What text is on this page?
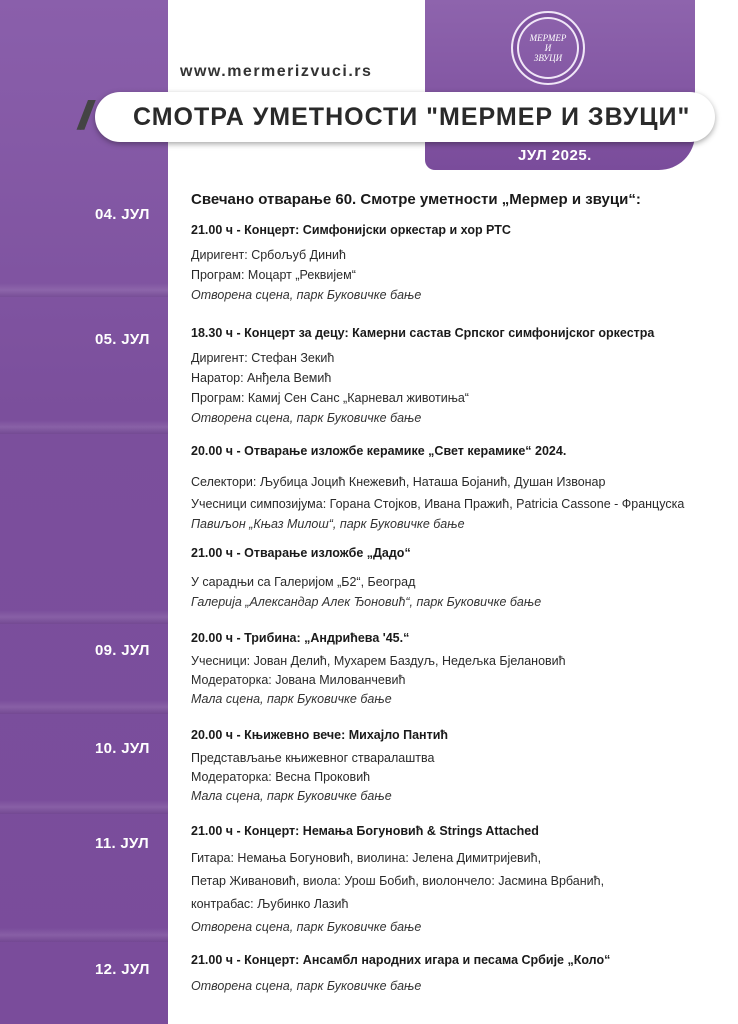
МЕРМЕР
И
ЗВУЦИ
ЈУЛ 2025.
www.mermerizvuci.rs
// СМОТРА УМЕТНОСТИ "МЕРМЕР И ЗВУЦИ"
04. ЈУЛ
05. ЈУЛ
09. ЈУЛ
10. ЈУЛ
11. ЈУЛ
12. ЈУЛ
Свечано отварање 60. Смотре уметности „Мермер и звуци“:
21.00 ч - Концерт: Симфонијски оркестар и хор РТС
Диригент: Србољуб Динић
Програм: Моцарт „Реквијем“
Отворена сцена, парк Буковичке бање
18.30 ч - Концерт за децу: Камерни састав Српског симфонијског оркестра
Диригент: Стефан Зекић
Наратор: Анђела Вемић
Програм: Камиј Сен Санс „Карневал животиња“
Отворена сцена, парк Буковичке бање
20.00 ч - Отварање изложбе керамике „Свет керамике“ 2024.
Селектори: Љубица Јоцић Кнежевић, Наташа Бојанић, Душан Извонар
Учесници симпозијума: Горана Стојков, Ивана Пражић, Patricia Cassone - Француска
Павиљон „Књаз Милош“, парк Буковичке бање
21.00 ч - Отварање изложбе „Дадо“
У сарадњи са Галеријом „Б2“, Београд
Галерија „Александар Алек Ђоновић“, парк Буковичке бање
20.00 ч - Трибина: „Андрићева '45.“
Учесници: Јован Делић, Мухарем Баздуљ, Недељка Бјелановић
Модераторка: Јована Милованчевић
Мала сцена, парк Буковичке бање
20.00 ч - Књижевно вече: Михајло Пантић
Представљање књижевног стваралаштва
Модераторка: Весна Проковић
Мала сцена, парк Буковичке бање
21.00 ч - Концерт: Немања Богуновић & Strings Attached
Гитара: Немања Богуновић, виолина: Јелена Димитријевић,
Петар Живановић, виола: Урош Бобић, виолончело: Јасмина Врбанић,
контрабас: Љубинко Лазић
Отворена сцена, парк Буковичке бање
21.00 ч - Концерт: Ансамбл народних игара и песама Србије „Коло“
Отворена сцена, парк Буковичке бање
